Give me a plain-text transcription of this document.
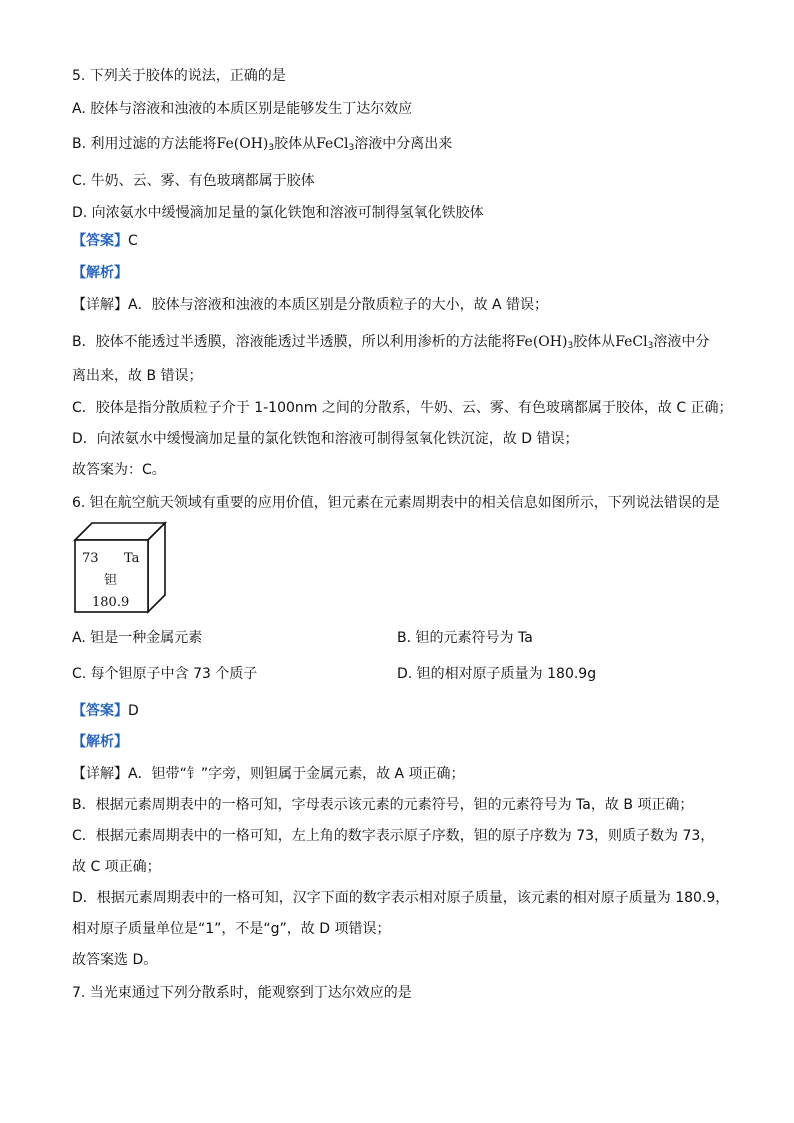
5. 下列关于胶体的说法，正确的是
A. 胶体与溶液和浊液的本质区别是能够发生丁达尔效应
B. 利用过滤的方法能将$Fe(OH)_3$胶体从FeCl$_3$溶液中分离出来
C. 牛奶、云、雾、有色玻璃都属于胶体
D. 向浓氨水中缓慢滴加足量的氯化铁饱和溶液可制得氢氧化铁胶体
【答案】C
【解析】
【详解】A．胶体与溶液和浊液的本质区别是分散质粒子的大小，故 A 错误；
B．胶体不能透过半透膜，溶液能透过半透膜，所以利用渗析的方法能将$Fe(OH)_3$胶体从FeCl$_3$溶液中分
离出来，故 B 错误；
C．胶体是指分散质粒子介于 1-100nm 之间的分散系，牛奶、云、雾、有色玻璃都属于胶体，故 C 正确；
D．向浓氨水中缓慢滴加足量的氯化铁饱和溶液可制得氢氧化铁沉淀，故 D 错误；
故答案为：C。
6. 钽在航空航天领域有重要的应用价值，钽元素在元素周期表中的相关信息如图所示，下列说法错误的是
73 Ta
钽
180.9
A. 钽是一种金属元素	B. 钽的元素符号为 Ta
C. 每个钽原子中含 73 个质子	D. 钽的相对原子质量为 180.9g
【答案】D
【解析】
【详解】A．钽带“钅”字旁，则钽属于金属元素，故 A 项正确；
B．根据元素周期表中的一格可知，字母表示该元素的元素符号，钽的元素符号为 Ta，故 B 项正确；
C．根据元素周期表中的一格可知，左上角的数字表示原子序数，钽的原子序数为 73，则质子数为 73，
故 C 项正确；
D．根据元素周期表中的一格可知，汉字下面的数字表示相对原子质量，该元素的相对原子质量为 180.9，
相对原子质量单位是“1”，不是“g”，故 D 项错误；
故答案选 D。
7. 当光束通过下列分散系时，能观察到丁达尔效应的是
